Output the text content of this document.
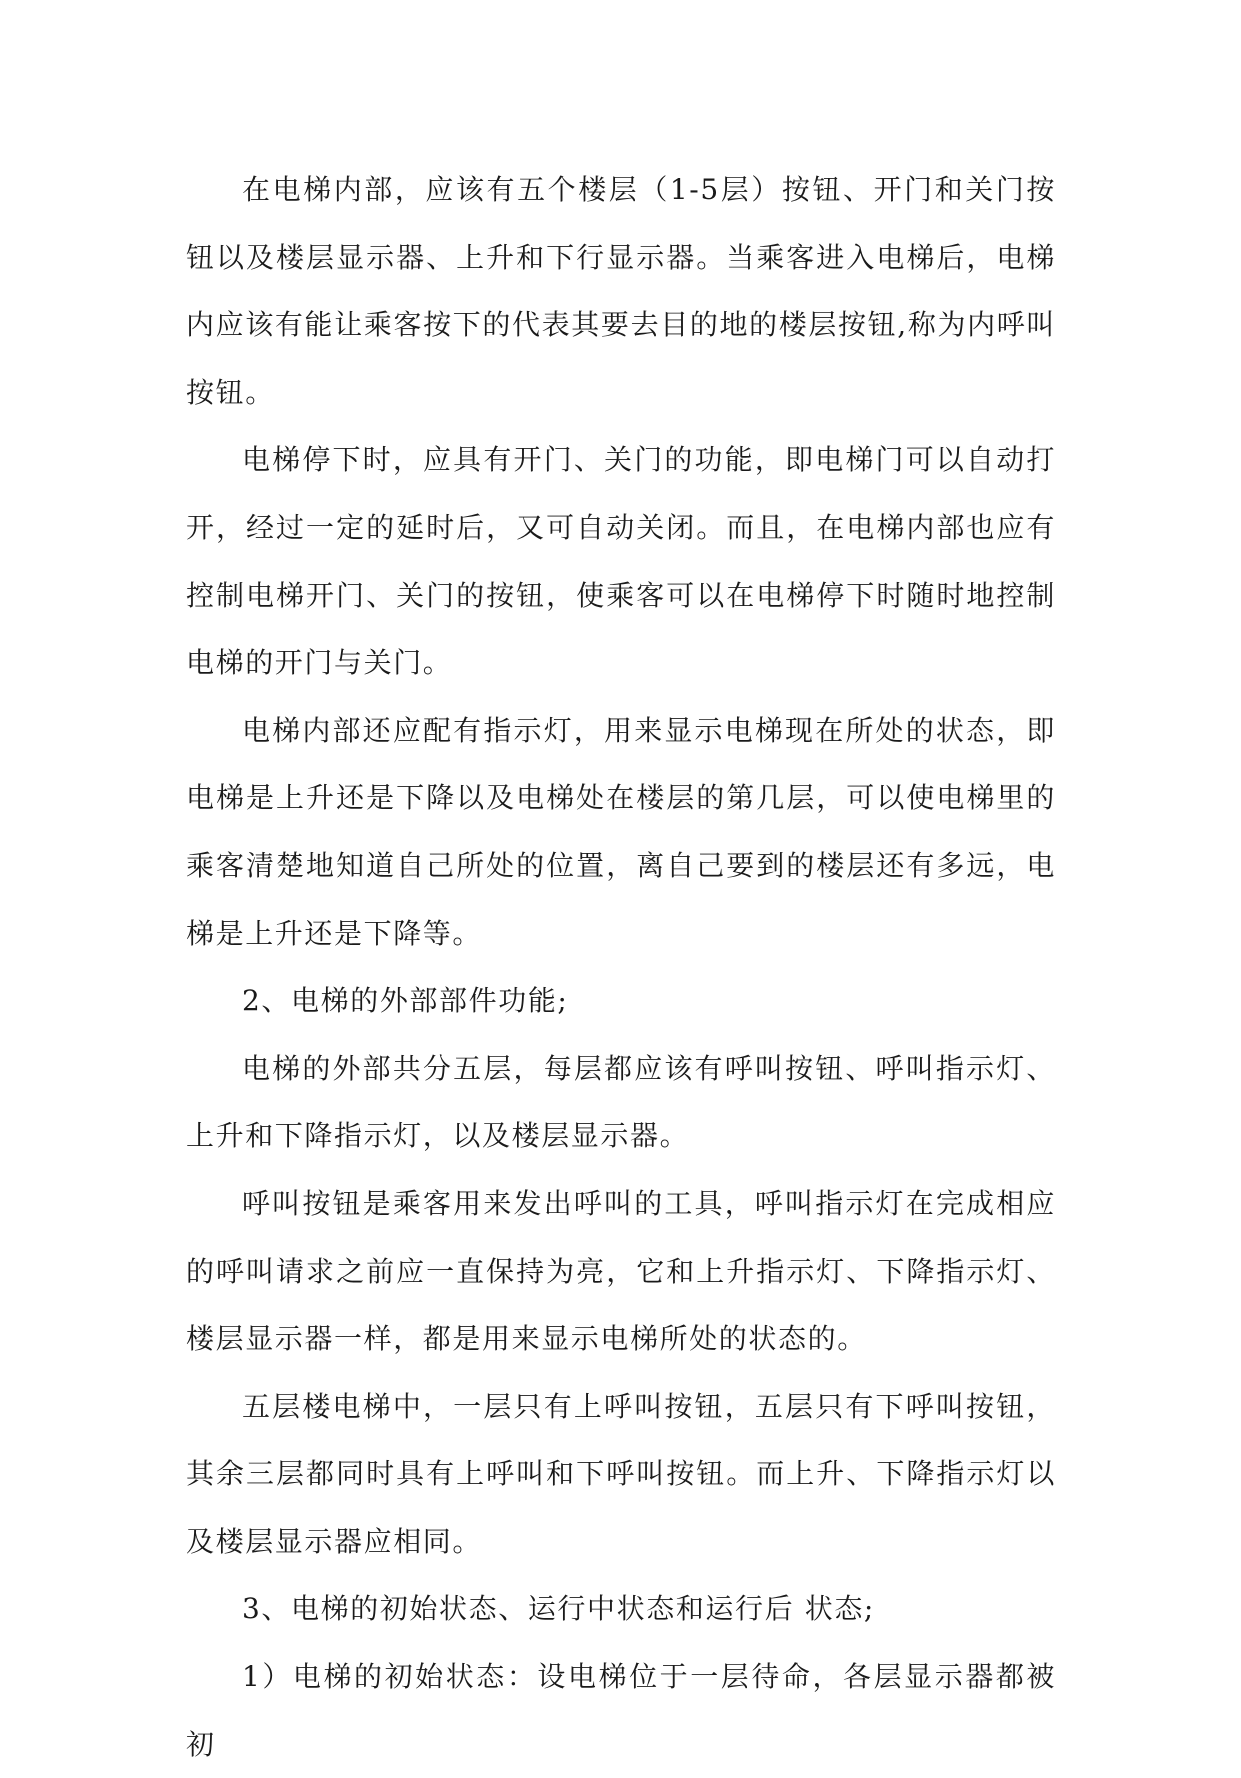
在电梯内部，应该有五个楼层（1-5层）按钮、开门和关门按钮以及楼层显示器、上升和下行显示器。当乘客进入电梯后，电梯内应该有能让乘客按下的代表其要去目的地的楼层按钮,称为内呼叫按钮。

电梯停下时，应具有开门、关门的功能，即电梯门可以自动打开，经过一定的延时后，又可自动关闭。而且，在电梯内部也应有控制电梯开门、关门的按钮，使乘客可以在电梯停下时随时地控制电梯的开门与关门。

电梯内部还应配有指示灯，用来显示电梯现在所处的状态，即电梯是上升还是下降以及电梯处在楼层的第几层，可以使电梯里的乘客清楚地知道自己所处的位置，离自己要到的楼层还有多远，电梯是上升还是下降等。

2、电梯的外部部件功能;

电梯的外部共分五层，每层都应该有呼叫按钮、呼叫指示灯、上升和下降指示灯，以及楼层显示器。

呼叫按钮是乘客用来发出呼叫的工具，呼叫指示灯在完成相应的呼叫请求之前应一直保持为亮，它和上升指示灯、下降指示灯、楼层显示器一样，都是用来显示电梯所处的状态的。

五层楼电梯中，一层只有上呼叫按钮，五层只有下呼叫按钮，其余三层都同时具有上呼叫和下呼叫按钮。而上升、下降指示灯以及楼层显示器应相同。

3、电梯的初始状态、运行中状态和运行后 状态;

1）电梯的初始状态：设电梯位于一层待命，各层显示器都被初
